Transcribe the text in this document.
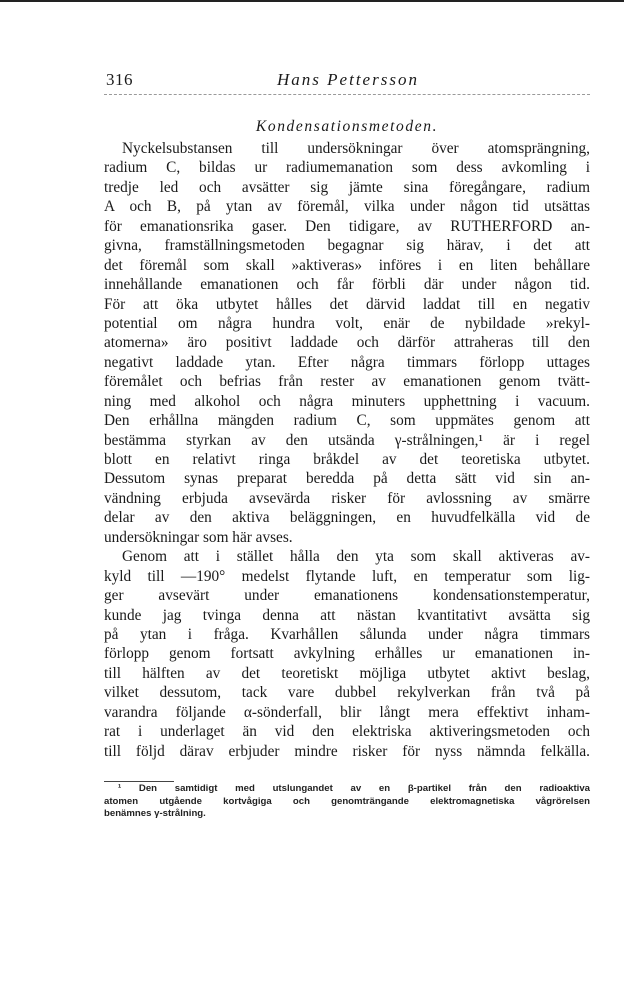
316	Hans Pettersson
Kondensationsmetoden.
Nyckelsubstansen till undersökningar över atomsprängning,
radium C, bildas ur radiumemanation som dess avkomling i
tredje led och avsätter sig jämte sina föregångare, radium
A och B, på ytan av föremål, vilka under någon tid utsättas
för emanationsrika gaser. Den tidigare, av RUTHERFORD an-
givna, framställningsmetoden begagnar sig härav, i det att
det föremål som skall »aktiveras» införes i en liten behållare
innehållande emanationen och får förbli där under någon tid.
För att öka utbytet hålles det därvid laddat till en negativ
potential om några hundra volt, enär de nybildade »rekyl-
atomerna» äro positivt laddade och därför attraheras till den
negativt laddade ytan. Efter några timmars förlopp uttages
föremålet och befrias från rester av emanationen genom tvätt-
ning med alkohol och några minuters upphettning i vacuum.
Den erhållna mängden radium C, som uppmätes genom att
bestämma styrkan av den utsända γ-strålningen,¹ är i regel
blott en relativt ringa bråkdel av det teoretiska utbytet.
Dessutom synas preparat beredda på detta sätt vid sin an-
vändning erbjuda avsevärda risker för avlossning av smärre
delar av den aktiva beläggningen, en huvudfelkälla vid de
undersökningar som här avses.
Genom att i stället hålla den yta som skall aktiveras av-
kyld till —190° medelst flytande luft, en temperatur som lig-
ger avsevärt under emanationens kondensationstemperatur,
kunde jag tvinga denna att nästan kvantitativt avsätta sig
på ytan i fråga. Kvarhållen sålunda under några timmars
förlopp genom fortsatt avkylning erhålles ur emanationen in-
till hälften av det teoretiskt möjliga utbytet aktivt beslag,
vilket dessutom, tack vare dubbel rekylverkan från två på
varandra följande α-sönderfall, blir långt mera effektivt inham-
rat i underlaget än vid den elektriska aktiveringsmetoden och
till följd därav erbjuder mindre risker för nyss nämnda felkälla.
¹ Den samtidigt med utslungandet av en β-partikel från den radioaktiva
atomen utgående kortvågiga och genomträngande elektromagnetiska vågrörelsen
benämnes γ-strålning.
